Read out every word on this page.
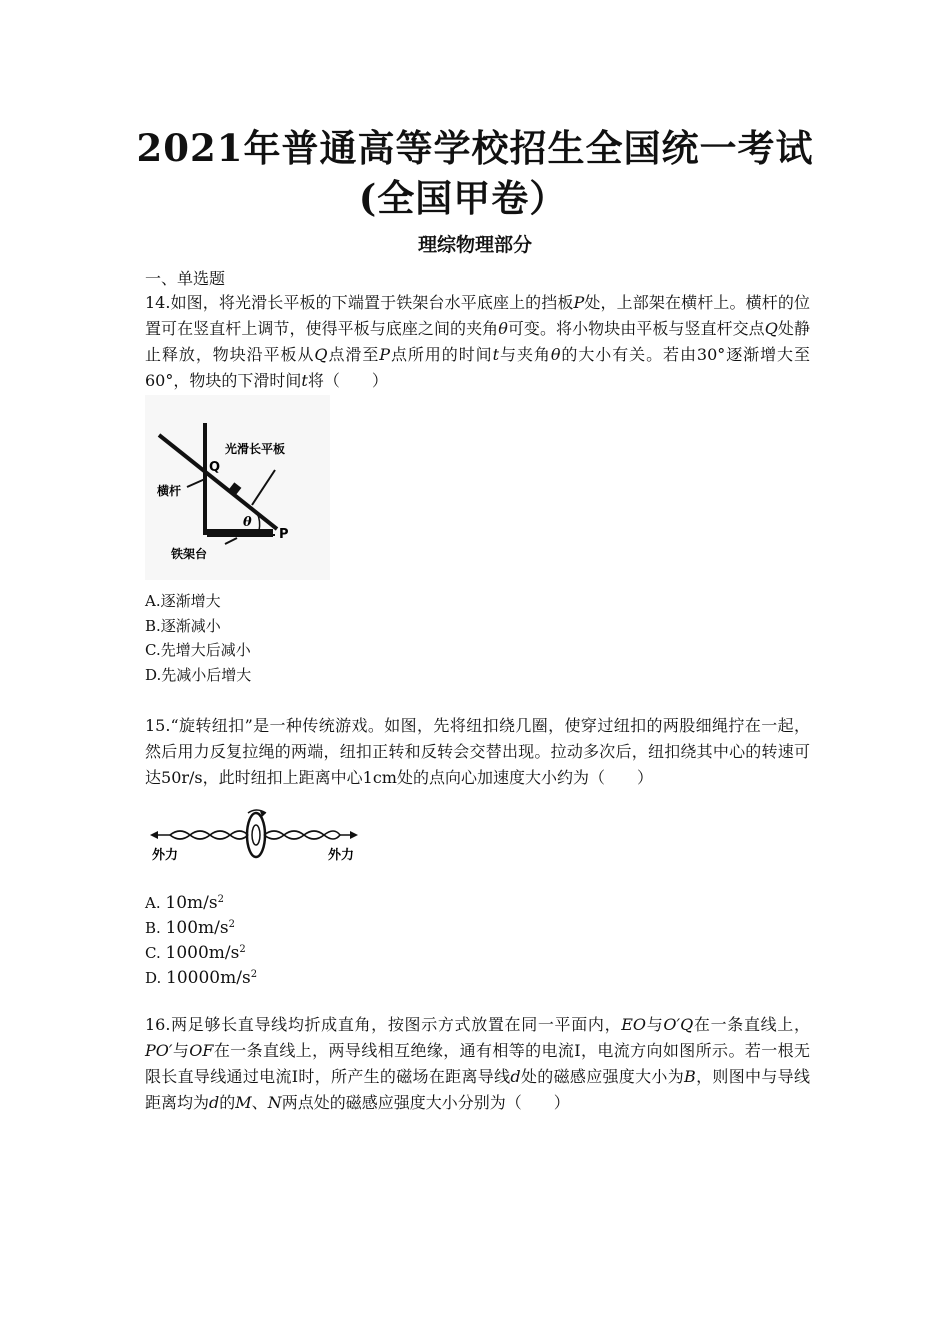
2021年普通高等学校招生全国统一考试
(全国甲卷）
理综物理部分
一、单选题
14.如图，将光滑长平板的下端置于铁架台水平底座上的挡板P处，上部架在横杆上。横杆的位置可在竖直杆上调节，使得平板与底座之间的夹角θ可变。将小物块由平板与竖直杆交点Q处静止释放，物块沿平板从Q点滑至P点所用的时间t与夹角θ的大小有关。若由30°逐渐增大至60°，物块的下滑时间t将（　　）
光滑长平板
Q
横杆
θ
P
铁架台
A.逐渐增大
B.逐渐减小
C.先增大后减小
D.先减小后增大
15.“旋转纽扣”是一种传统游戏。如图，先将纽扣绕几圈，使穿过纽扣的两股细绳拧在一起，然后用力反复拉绳的两端，纽扣正转和反转会交替出现。拉动多次后，纽扣绕其中心的转速可达50r/s，此时纽扣上距离中心1cm处的点向心加速度大小约为（　　）
外力	外力
A. $10m/s^2$
B. $100m/s^2$
C. $1000m/s^2$
D. $10000m/s^2$
16.两足够长直导线均折成直角，按图示方式放置在同一平面内，EO与O′Q在一条直线上，PO′与OF在一条直线上，两导线相互绝缘，通有相等的电流I，电流方向如图所示。若一根无限长直导线通过电流I时，所产生的磁场在距离导线d处的磁感应强度大小为B，则图中与导线距离均为d的M、N两点处的磁感应强度大小分别为（　　）
